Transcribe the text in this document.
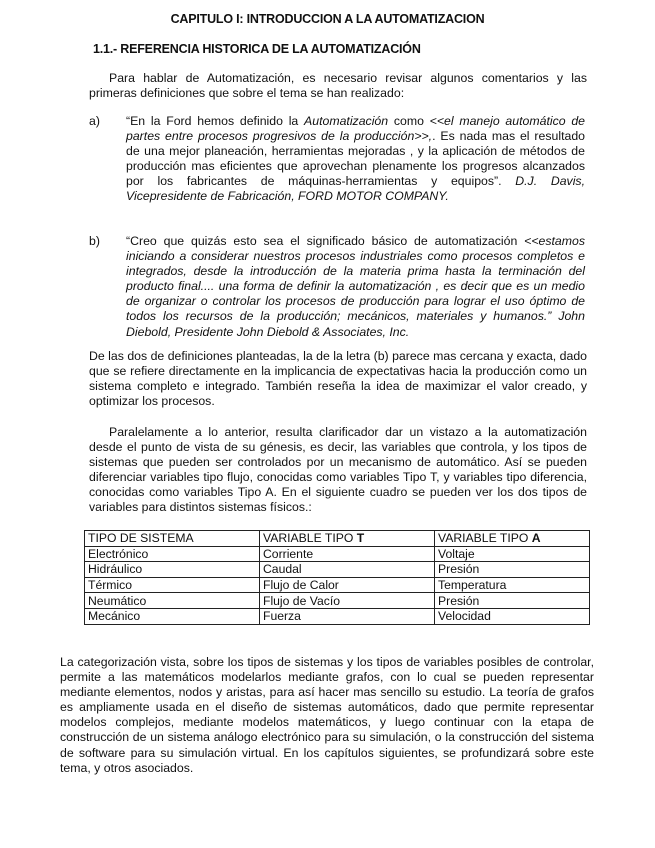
CAPITULO I: INTRODUCCION A LA AUTOMATIZACION
1.1.- REFERENCIA HISTORICA DE LA AUTOMATIZACIÓN

Para hablar de Automatización, es necesario revisar algunos comentarios y las primeras definiciones que sobre el tema se han realizado:

a)	“En la Ford hemos definido la Automatización como <<el manejo automático de partes entre procesos progresivos de la producción>>,. Es nada mas el resultado de una mejor planeación, herramientas mejoradas , y la aplicación de métodos de producción mas eficientes que aprovechan plenamente los progresos alcanzados por los fabricantes de máquinas-herramientas y equipos”. D.J. Davis, Vicepresidente de Fabricación, FORD MOTOR COMPANY.

b)	“Creo que quizás esto sea el significado básico de automatización <<estamos iniciando a considerar nuestros procesos industriales como procesos completos e integrados, desde la introducción de la materia prima hasta la terminación del producto final.... una forma de definir la automatización , es decir que es un medio de organizar o controlar los procesos de producción para lograr el uso óptimo de todos los recursos de la producción; mecánicos, materiales y humanos.” John Diebold, Presidente John Diebold & Associates, Inc.

De las dos de definiciones planteadas, la de la letra (b) parece mas cercana y exacta, dado que se refiere directamente en la implicancia de expectativas hacia la producción como un sistema completo e integrado. También reseña la idea de maximizar el valor creado, y optimizar los procesos.

Paralelamente a lo anterior, resulta clarificador dar un vistazo a la automatización desde el punto de vista de su génesis, es decir, las variables que controla, y los tipos de sistemas que pueden ser controlados por un mecanismo de automático. Así se pueden diferenciar variables tipo flujo, conocidas como variables Tipo T, y variables tipo diferencia, conocidas como variables Tipo A. En el siguiente cuadro se pueden ver los dos tipos de variables para distintos sistemas físicos.:

TIPO DE SISTEMA	VARIABLE TIPO T	VARIABLE TIPO A
Electrónico	Corriente	Voltaje
Hidráulico	Caudal	Presión
Térmico	Flujo de Calor	Temperatura
Neumático	Flujo de Vacío	Presión
Mecánico	Fuerza	Velocidad

La categorización vista, sobre los tipos de sistemas y los tipos de variables posibles de controlar, permite a las matemáticos modelarlos mediante grafos, con lo cual se pueden representar mediante elementos, nodos y aristas, para así hacer mas sencillo su estudio. La teoría de grafos es ampliamente usada en el diseño de sistemas automáticos, dado que permite representar modelos complejos, mediante modelos matemáticos, y luego continuar con la etapa de construcción de un sistema análogo electrónico para su simulación, o la construcción del sistema de software para su simulación virtual. En los capítulos siguientes, se profundizará sobre este tema, y otros asociados.
